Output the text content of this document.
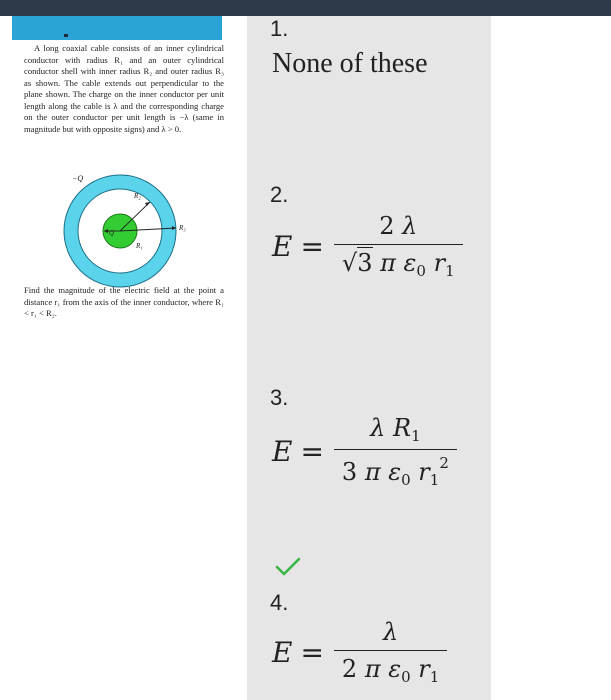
A long coaxial cable consists of an inner cylindrical conductor with radius R₁ and an outer cylindrical conductor shell with inner radius R₂ and outer radius R₃ as shown. The cable extends out perpendicular to the plane shown. The charge on the inner conductor per unit length along the cable is λ and the corresponding charge on the outer conductor per unit length is −λ (same in magnitude but with opposite signs) and λ > 0.
−Q
Q
R₁
R₂
R₃
Find the magnitude of the electric field at the point a distance r₁ from the axis of the inner conductor, where R₁ < r₁ < R₂.
1.
None of these
2.
$E = \frac{2 \lambda}{√3 \pi \varepsilon_0 r_1}$
3.
$E = \frac{\lambda R_1}{3 \pi \varepsilon_0 r_1^2}$
4.
$E = \frac{\lambda}{2 \pi \varepsilon_0 r_1}$
